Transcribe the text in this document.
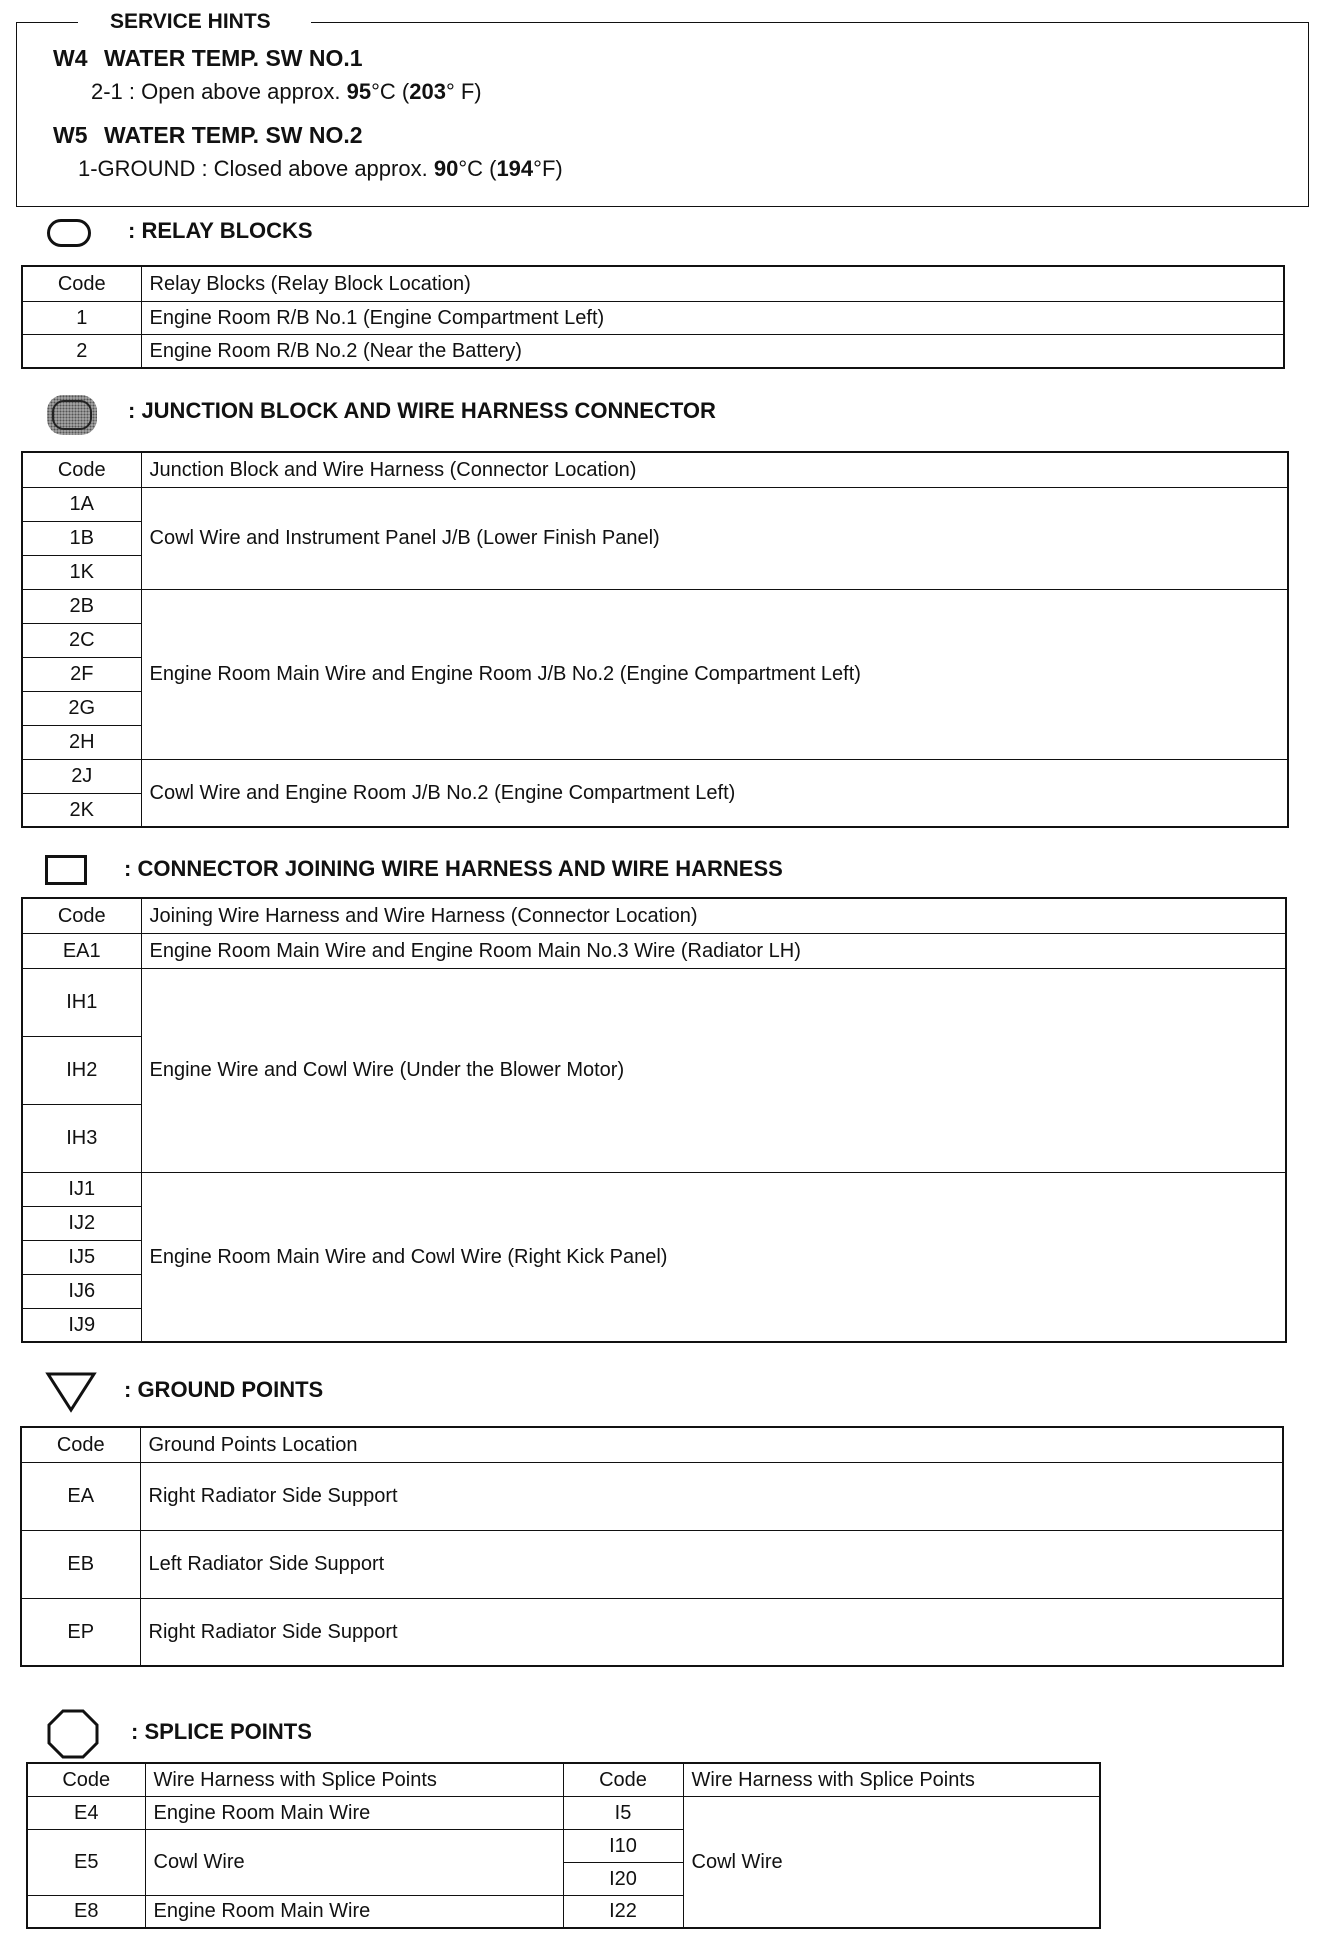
SERVICE HINTS

W4

WATER TEMP. SW NO.1

2-1 : Open above approx. 95°C (203° F)

W5

WATER TEMP. SW NO.2

1-GROUND : Closed above approx. 90°C (194°F)
: RELAY BLOCKS
Code	Relay Blocks (Relay Block Location)
1	Engine Room R/B No.1 (Engine Compartment Left)
2	Engine Room R/B No.2 (Near the Battery)
: JUNCTION BLOCK AND WIRE HARNESS CONNECTOR
Code	Junction Block and Wire Harness (Connector Location)
1A	Cowl Wire and Instrument Panel J/B (Lower Finish Panel)
1B	
1K	
2B	Engine Room Main Wire and Engine Room J/B No.2 (Engine Compartment Left)
2C	
2F	
2G	
2H	
2J	Cowl Wire and Engine Room J/B No.2 (Engine Compartment Left)
2K	
: CONNECTOR JOINING WIRE HARNESS AND WIRE HARNESS
Code	Joining Wire Harness and Wire Harness (Connector Location)
EA1	Engine Room Main Wire and Engine Room Main No.3 Wire (Radiator LH)
IH1	Engine Wire and Cowl Wire (Under the Blower Motor)
IH2	
IH3	
IJ1	Engine Room Main Wire and Cowl Wire (Right Kick Panel)
IJ2	
IJ5	
IJ6	
IJ9	
: GROUND POINTS
Code	Ground Points Location
EA	Right Radiator Side Support
EB	Left Radiator Side Support
EP	Right Radiator Side Support
: SPLICE POINTS
Code	Wire Harness with Splice Points	Code	Wire Harness with Splice Points
E4	Engine Room Main Wire	I5	Cowl Wire
E5	Cowl Wire	I10	
		I20	
E8	Engine Room Main Wire	I22	
